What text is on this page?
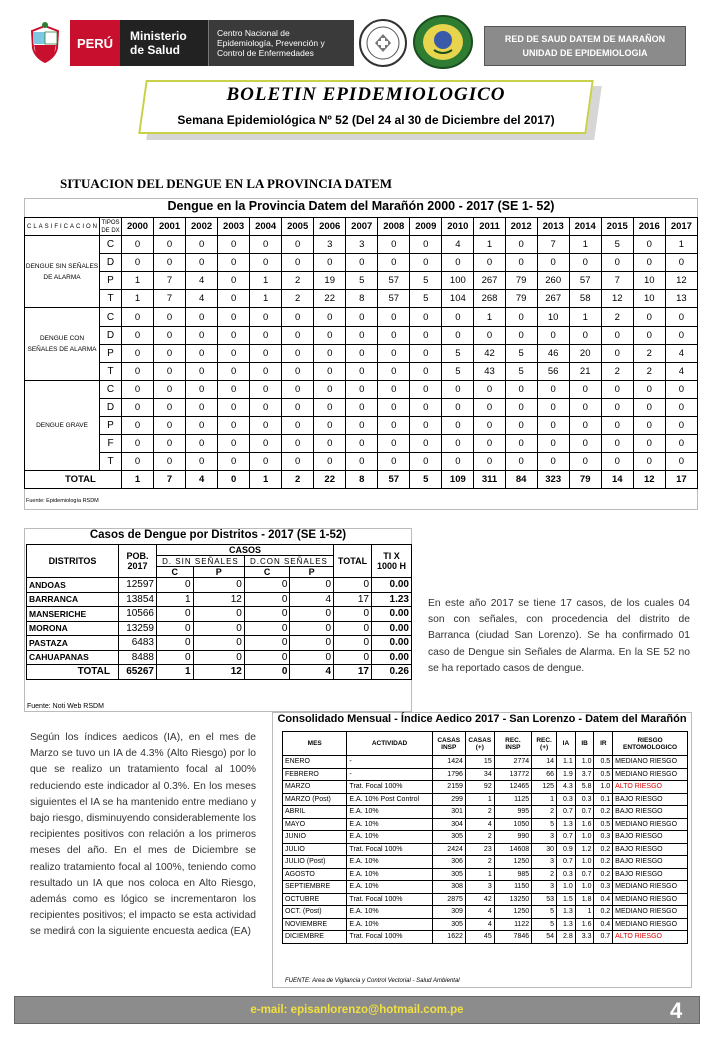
PERÚ	Ministerio de Salud
Centro Nacional de Epidemiología, Prevención y Control de Enfermedades
RED DE SAUD DATEM DE MARAÑON
UNIDAD DE EPIDEMIOLOGIA
BOLETIN EPIDEMIOLOGICO
Semana Epidemiológica Nº 52 (Del 24 al 30 de Diciembre del 2017)
SITUACION DEL DENGUE EN LA PROVINCIA DATEM
Dengue en la Provincia Datem del Marañón 2000 - 2017 (SE 1- 52)
CLASIFICACION	TIPOS DE DX	2000	2001	2002	2003	2004	2005	2006	2007	2008	2009	2010	2011	2012	2013	2014	2015	2016	2017
DENGUE SIN SEÑALES DE ALARMA	C	0	0	0	0	0	0	3	3	0	0	4	1	0	7	1	5	0	1
	D	0	0	0	0	0	0	0	0	0	0	0	0	0	0	0	0	0	0
	P	1	7	4	0	1	2	19	5	57	5	100	267	79	260	57	7	10	12
	T	1	7	4	0	1	2	22	8	57	5	104	268	79	267	58	12	10	13
DENGUE CON SEÑALES DE ALARMA	C	0	0	0	0	0	0	0	0	0	0	0	1	0	10	1	2	0	0
	D	0	0	0	0	0	0	0	0	0	0	0	0	0	0	0	0	0	0
	P	0	0	0	0	0	0	0	0	0	0	5	42	5	46	20	0	2	4
	T	0	0	0	0	0	0	0	0	0	0	5	43	5	56	21	2	2	4
DENGUE GRAVE	C	0	0	0	0	0	0	0	0	0	0	0	0	0	0	0	0	0	0
	D	0	0	0	0	0	0	0	0	0	0	0	0	0	0	0	0	0	0
	P	0	0	0	0	0	0	0	0	0	0	0	0	0	0	0	0	0	0
	F	0	0	0	0	0	0	0	0	0	0	0	0	0	0	0	0	0	0
	T	0	0	0	0	0	0	0	0	0	0	0	0	0	0	0	0	0	0
TOTAL		1	7	4	0	1	2	22	8	57	5	109	311	84	323	79	14	12	17
Fuente: Epidemiología RSDM
Casos de Dengue por Distritos - 2017 (SE 1-52)
DISTRITOS	POB. 2017	CASOS				TOTAL	TI X 1000 H
		D. SIN SEÑALES		D.CON SEÑALES			
		C	P	C	P		
ANDOAS	12597	0	0	0	0	0	0.00
BARRANCA	13854	1	12	0	4	17	1.23
MANSERICHE	10566	0	0	0	0	0	0.00
MORONA	13259	0	0	0	0	0	0.00
PASTAZA	6483	0	0	0	0	0	0.00
CAHUAPANAS	8488	0	0	0	0	0	0.00
TOTAL	65267	1	12	0	4	17	0.26
Fuente: Noti Web RSDM
En este año 2017 se tiene 17 casos, de los cuales 04 son con señales, con procedencia del distrito de Barranca (ciudad San Lorenzo). Se ha confirmado 01 caso de Dengue sin Señales de Alarma. En la SE 52 no se ha reportado casos de dengue.
Según los índices aedicos (IA), en el mes de Marzo se tuvo un IA de 4.3% (Alto Riesgo) por lo que se realizo un tratamiento focal al 100% reduciendo este indicador al 0.3%. En los meses siguientes el IA se ha mantenido entre mediano y bajo riesgo, disminuyendo considerablemente los recipientes positivos con relación a los primeros meses del año. En el mes de Diciembre se realizo tratamiento focal al 100%, teniendo como resultado un IA que nos coloca en Alto Riesgo, además como es lógico se incrementaron los recipientes positivos; el impacto se esta actividad se medirá con la siguiente encuesta aedica (EA)
Consolidado Mensual - Índice Aedico 2017 - San Lorenzo - Datem del Marañón
MES	ACTIVIDAD	CASAS INSP	CASAS (+)	REC. INSP	REC. (+)	IA	IB	IR	RIESGO ENTOMOLOGICO
ENERO	-	1424	15	2774	14	1.1	1.0	0.5	MEDIANO RIESGO
FEBRERO	-	1796	34	13772	66	1.9	3.7	0.5	MEDIANO RIESGO
MARZO	Trat. Focal 100%	2159	92	12465	125	4.3	5.8	1.0	ALTO RIESGO
MARZO (Post)	E.A. 10% Post Control	299	1	1125	1	0.3	0.3	0.1	BAJO RIESGO
ABRIL	E.A. 10%	301	2	995	2	0.7	0.7	0.2	BAJO RIESGO
MAYO	E.A. 10%	304	4	1050	5	1.3	1.6	0.5	MEDIANO RIESGO
JUNIO	E.A. 10%	305	2	990	3	0.7	1.0	0.3	BAJO RIESGO
JULIO	Trat. Focal 100%	2424	23	14608	30	0.9	1.2	0.2	BAJO RIESGO
JULIO (Post)	E.A. 10%	306	2	1250	3	0.7	1.0	0.2	BAJO RIESGO
AGOSTO	E.A. 10%	305	1	985	2	0.3	0.7	0.2	BAJO RIESGO
SEPTIEMBRE	E.A. 10%	308	3	1150	3	1.0	1.0	0.3	MEDIANO RIESGO
OCTUBRE	Trat. Focal 100%	2875	42	13250	53	1.5	1.8	0.4	MEDIANO RIESGO
OCT. (Post)	E.A. 10%	309	4	1250	5	1.3	1	0.2	MEDIANO RIESGO
NOVIEMBRE	E.A. 10%	305	4	1122	5	1.3	1.6	0.4	MEDIANO RIESGO
DICIEMBRE	Trat. Focal 100%	1622	45	7846	54	2.8	3.3	0.7	ALTO RIESGO
FUENTE: Area de Vigilancia y Control Vectorial - Salud Ambiental
e-mail: episanlorenzo@hotmail.com.pe	4
